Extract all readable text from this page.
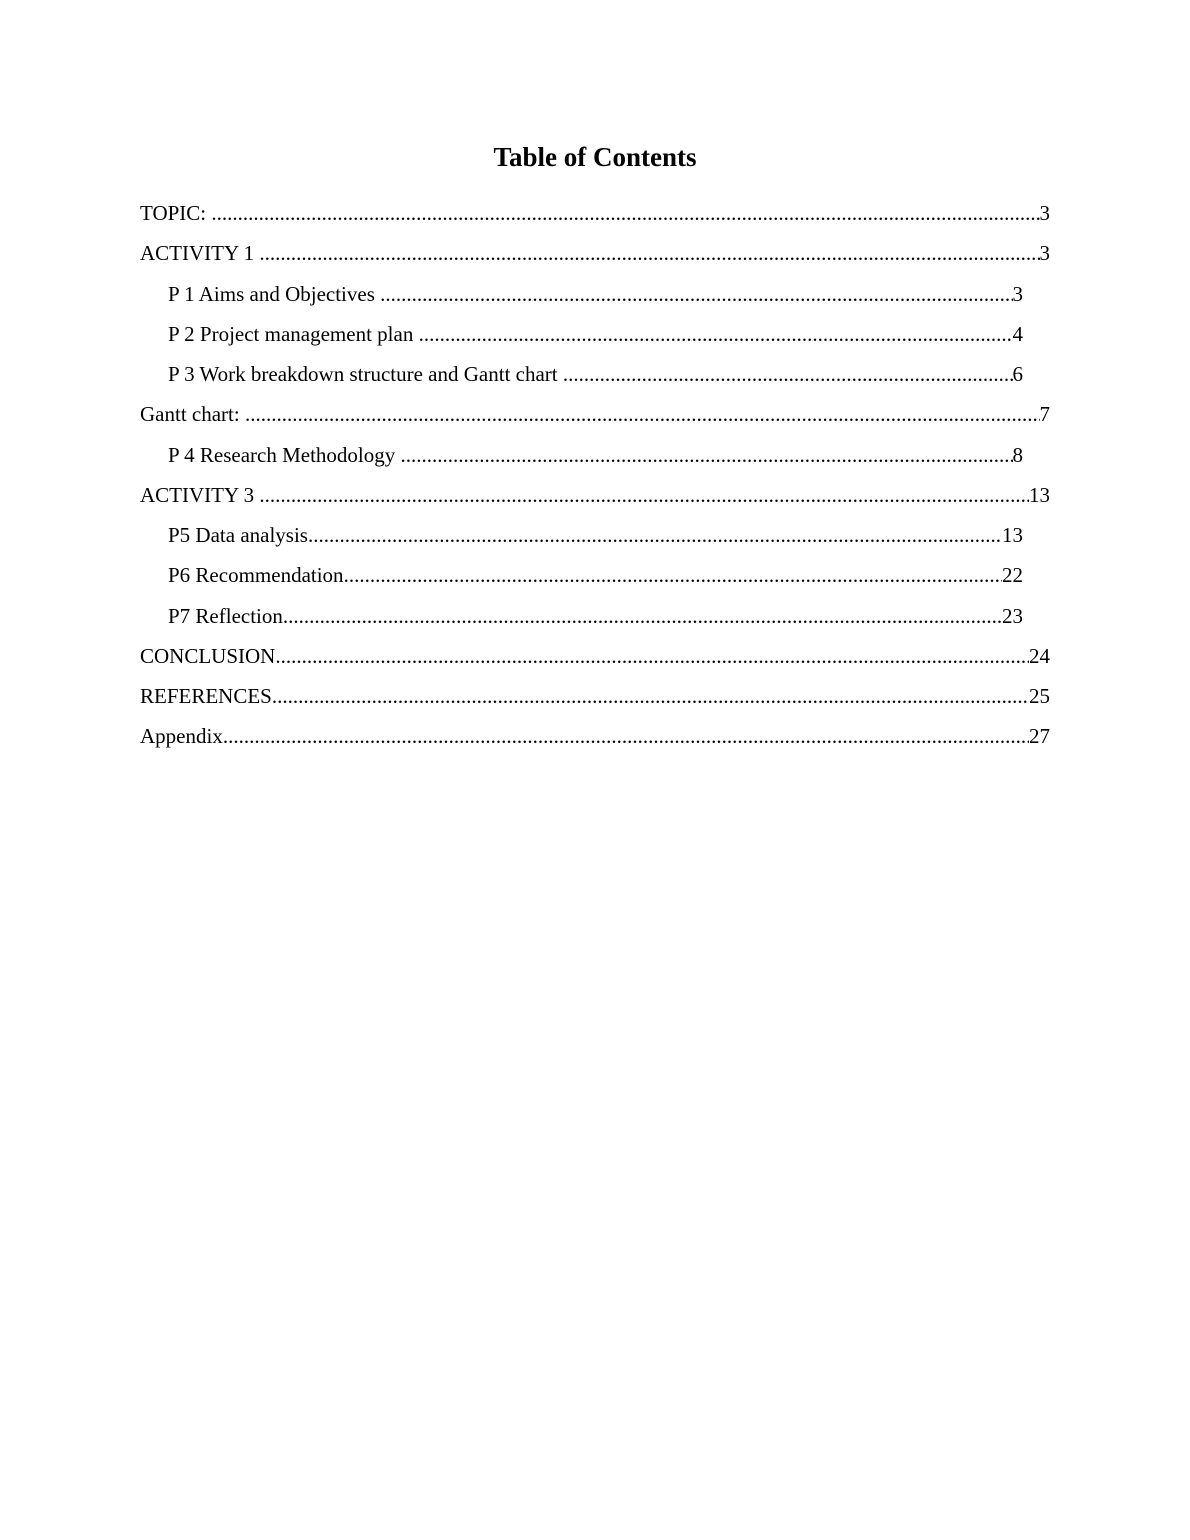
Table of Contents
TOPIC: .....	3
ACTIVITY 1 .....	3
P 1 Aims and Objectives .....	3
P 2 Project management plan .....	4
P 3 Work breakdown structure and Gantt chart .....	6
Gantt chart: .....	7
P 4 Research Methodology .....	8
ACTIVITY 3 .....	13
P5 Data analysis .....	13
P6 Recommendation .....	22
P7 Reflection .....	23
CONCLUSION .....	24
REFERENCES .....	25
Appendix .....	27
